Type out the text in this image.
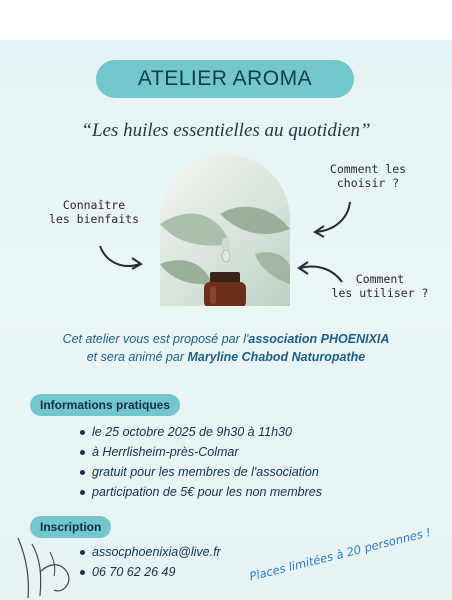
ATELIER AROMA
“Les huiles essentielles au quotidien”
Connaître
les bienfaits
Comment les
choisir ?
Comment
les utiliser ?
Cet atelier vous est proposé par l'association PHOENIXIA
et sera animé par Maryline Chabod Naturopathe
Informations pratiques
le 25 octobre 2025 de 9h30 à 11h30
à Herrlisheim-près-Colmar
gratuit pour les membres de l'association
participation de 5€ pour les non membres
Inscription
assocphoenixia@live.fr
06 70 62 26 49	Places limitées à 20 personnes !
